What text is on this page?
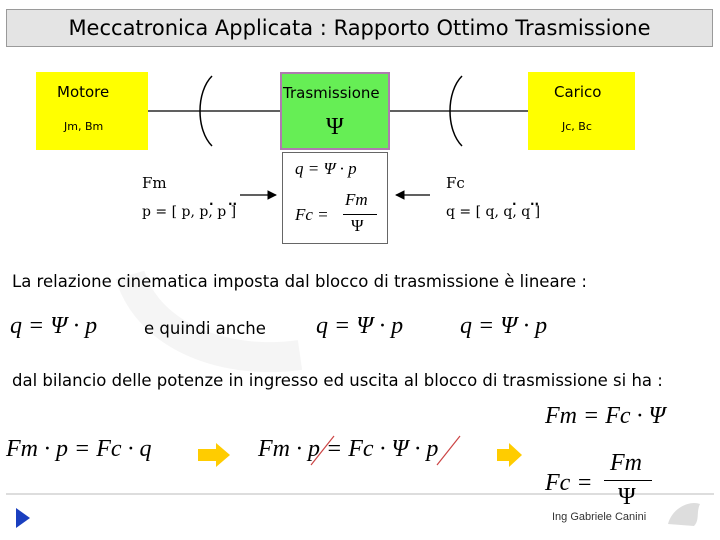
Meccatronica Applicata : Rapporto Ottimo Trasmissione
Motore
Jm, Bm
Trasmissione
Ψ
Carico
Jc, Bc
Fm
p = [ p, p, p ]
Fc
q = [ q, q, q ]
. ..	. ..
q = Ψ · p
Fc =
Fm
Ψ
La relazione cinematica imposta dal blocco di trasmissione è lineare :
q = Ψ · p	e quindi anche q = Ψ · p q = Ψ · p
dal bilancio delle potenze in ingresso ed uscita al blocco di trasmissione si ha :
Fm = Fc · Ψ
Fm · p = Fc · q	Fm · p = Fc · Ψ · p
Fc =
Fm
Ψ
Ing Gabriele Canini
